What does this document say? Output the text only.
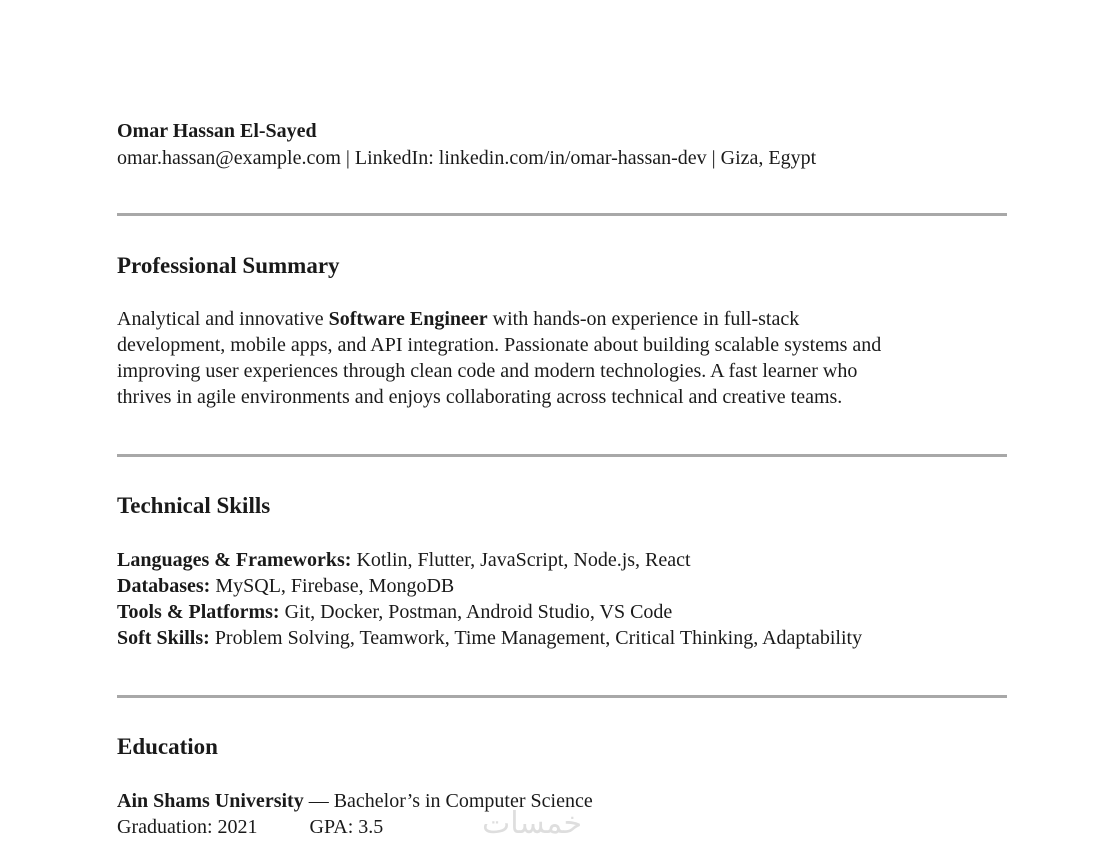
Omar Hassan El-Sayed
omar.hassan@example.com | LinkedIn: linkedin.com/in/omar-hassan-dev | Giza, Egypt
Professional Summary

Analytical and innovative Software Engineer with hands-on experience in full-stack

development, mobile apps, and API integration. Passionate about building scalable systems and

improving user experiences through clean code and modern technologies. A fast learner who

thrives in agile environments and enjoys collaborating across technical and creative teams.

Technical Skills
Languages & Frameworks: Kotlin, Flutter, JavaScript, Node.js, React
Databases: MySQL, Firebase, MongoDB
Tools & Platforms: Git, Docker, Postman, Android Studio, VS Code
Soft Skills: Problem Solving, Teamwork, Time Management, Critical Thinking, Adaptability
Education
Ain Shams University — Bachelor’s in Computer Science
Graduation: 2021	GPA: 3.5	خمسات
